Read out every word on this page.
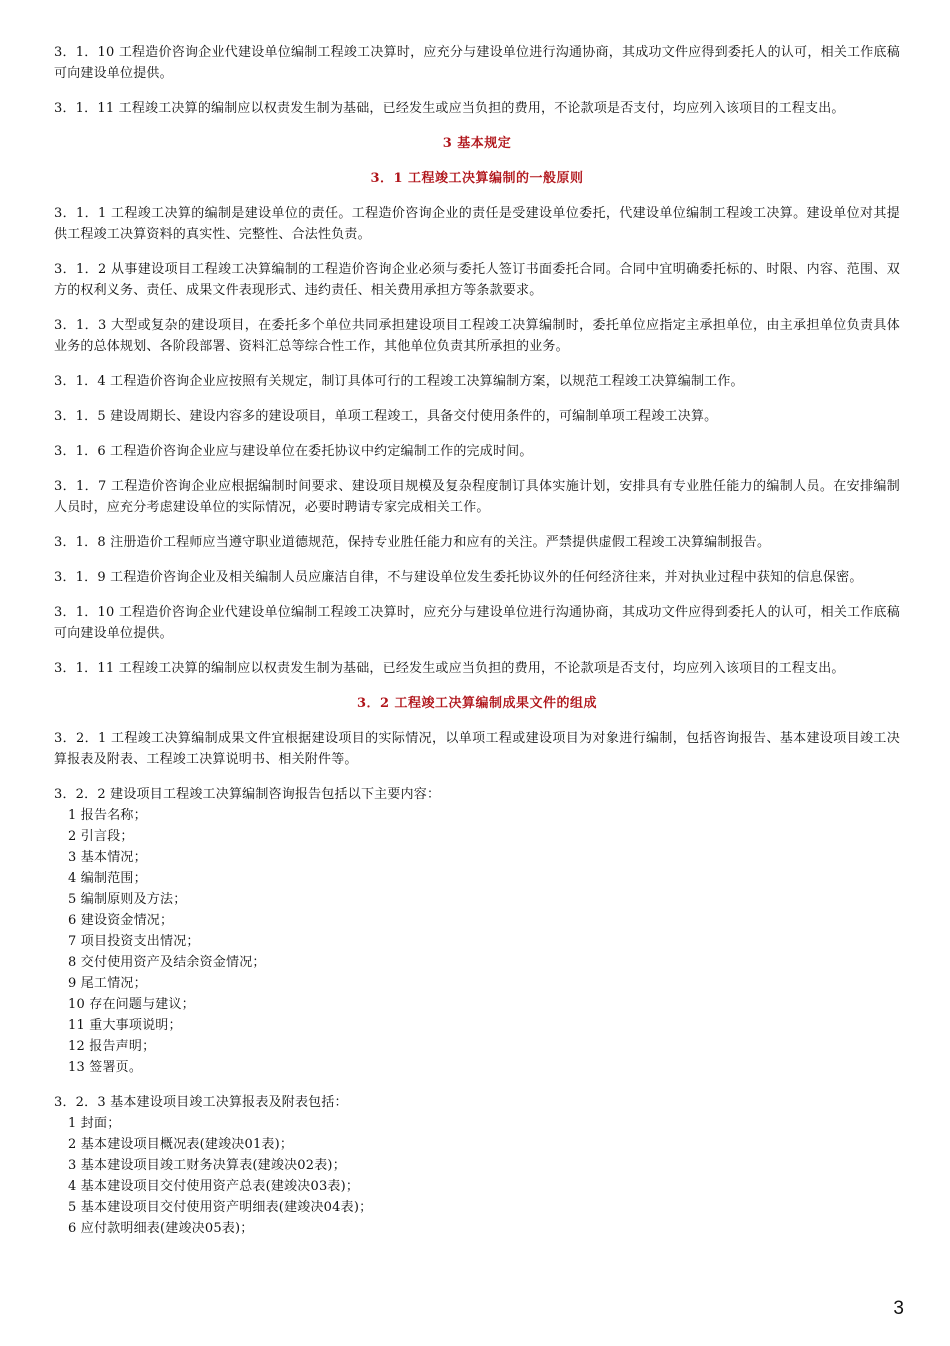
3．1．10 工程造价咨询企业代建设单位编制工程竣工决算时，应充分与建设单位进行沟通协商，其成功文件应得到委托人的认可，相关工作底稿可向建设单位提供。

3．1．11 工程竣工决算的编制应以权责发生制为基础，已经发生或应当负担的费用，不论款项是否支付，均应列入该项目的工程支出。

3 基本规定

3．1 工程竣工决算编制的一般原则

3．1．1 工程竣工决算的编制是建设单位的责任。工程造价咨询企业的责任是受建设单位委托，代建设单位编制工程竣工决算。建设单位对其提供工程竣工决算资料的真实性、完整性、合法性负责。

3．1．2 从事建设项目工程竣工决算编制的工程造价咨询企业必须与委托人签订书面委托合同。合同中宜明确委托标的、时限、内容、范围、双方的权利义务、责任、成果文件表现形式、违约责任、相关费用承担方等条款要求。

3．1．3 大型或复杂的建设项目，在委托多个单位共同承担建设项目工程竣工决算编制时，委托单位应指定主承担单位，由主承担单位负责具体业务的总体规划、各阶段部署、资料汇总等综合性工作，其他单位负责其所承担的业务。

3．1．4 工程造价咨询企业应按照有关规定，制订具体可行的工程竣工决算编制方案，以规范工程竣工决算编制工作。

3．1．5 建设周期长、建设内容多的建设项目，单项工程竣工，具备交付使用条件的，可编制单项工程竣工决算。

3．1．6 工程造价咨询企业应与建设单位在委托协议中约定编制工作的完成时间。

3．1．7 工程造价咨询企业应根据编制时间要求、建设项目规模及复杂程度制订具体实施计划，安排具有专业胜任能力的编制人员。在安排编制人员时，应充分考虑建设单位的实际情况，必要时聘请专家完成相关工作。

3．1．8 注册造价工程师应当遵守职业道德规范，保持专业胜任能力和应有的关注。严禁提供虚假工程竣工决算编制报告。

3．1．9 工程造价咨询企业及相关编制人员应廉洁自律，不与建设单位发生委托协议外的任何经济往来，并对执业过程中获知的信息保密。

3．1．10 工程造价咨询企业代建设单位编制工程竣工决算时，应充分与建设单位进行沟通协商，其成功文件应得到委托人的认可，相关工作底稿可向建设单位提供。

3．1．11 工程竣工决算的编制应以权责发生制为基础，已经发生或应当负担的费用，不论款项是否支付，均应列入该项目的工程支出。

3．2 工程竣工决算编制成果文件的组成

3．2．1 工程竣工决算编制成果文件宜根据建设项目的实际情况，以单项工程或建设项目为对象进行编制，包括咨询报告、基本建设项目竣工决算报表及附表、工程竣工决算说明书、相关附件等。

3．2．2 建设项目工程竣工决算编制咨询报告包括以下主要内容：

1 报告名称；
2 引言段；
3 基本情况；
4 编制范围；
5 编制原则及方法；
6 建设资金情况；
7 项目投资支出情况；
8 交付使用资产及结余资金情况；
9 尾工情况；
10 存在问题与建议；
11 重大事项说明；
12 报告声明；
13 签署页。

3．2．3 基本建设项目竣工决算报表及附表包括：

1 封面；
2 基本建设项目概况表(建竣决01表)；
3 基本建设项目竣工财务决算表(建竣决02表)；
4 基本建设项目交付使用资产总表(建竣决03表)；
5 基本建设项目交付使用资产明细表(建竣决04表)；
6 应付款明细表(建竣决05表)；
3
